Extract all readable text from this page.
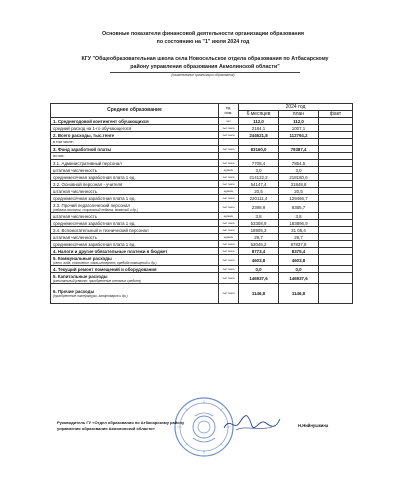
Основные показатели финансовой деятельности организации образования
по состоянию на "1" июля 2024 год
КГУ "Общеобразовательная школа села Новосельское отдела образования по Атбасарскому
району управления образования Акмолинской области"
(наименование организации образования)
Среднее образование	ед.
изм.	2024 год		
		6 месяцев	план	факт

1. Среднегодовой контингент обучающихся	чел	112,0	112,0	

средний расход на 1-го обучающегося	тыс тенге	2184,1	1007,1	

2. Всего расходы, тыс.тенге	тыс тенге	244621,8	112794,2	

в том числе:				

3. Фонд заработной платы	тыс тенге	83160,0	79387,4	

из них:				

3.1. Административный персонал	тыс тенге	7708,4	7854,5	

штатная численность	единиц	3,0	3,0	

среднемесячная заработная плата 1 ед.	тыс тенге	214122,2	218180,6	

3.2. Основной персонал - учителя	тыс тенге	54147,4	31848,8	

штатная численность	единиц	20,5	20,5	

среднемесячная заработная плата 1 ед.	тыс тенге	220111,4	129466,7	

3.3. Прочий педагогический персонал
(педагог-психолог, социальный педагог, вожатый и др.)	тыс тенге	2398,9	8385,7	

штатная численность	единиц	3,8	3,8	

среднемесячная заработная плата 1 ед.	тыс тенге	53308,9	183896,9	

3.4. Вспомогательный и технический персонал	тыс тенге	18905,3	31 05,4	

штатная численность	единиц	29,7	29,7	

среднемесячная заработная плата 1 ед.	тыс тенге	53045,2	87837,8	

4. Налоги и другие обязательные платежи в бюджет	тыс тенге	8773,4	8375,4	

5. Коммунальные расходы
(свет, вода, отопление, связь,интернет, вредоба помещений и др.)	тыс тенге	4603,8	4603,8	

4. Текущий ремонт помещений и оборудования	тыс тенге	0,0	0,0	

5. Капитальные расходы
(капитальный ремонт, приобретение основных средств)	тыс тенге	146937,6	146937,6	

6. Прочие расходы
(приобретение литературы, канцтоваров и др.)	тыс тенге	1146,8	1146,8	
Руководитель ГУ «Отдел образования по Атбасарскому району
управления образования Акмолинской области»
Н.Нийнушкина
